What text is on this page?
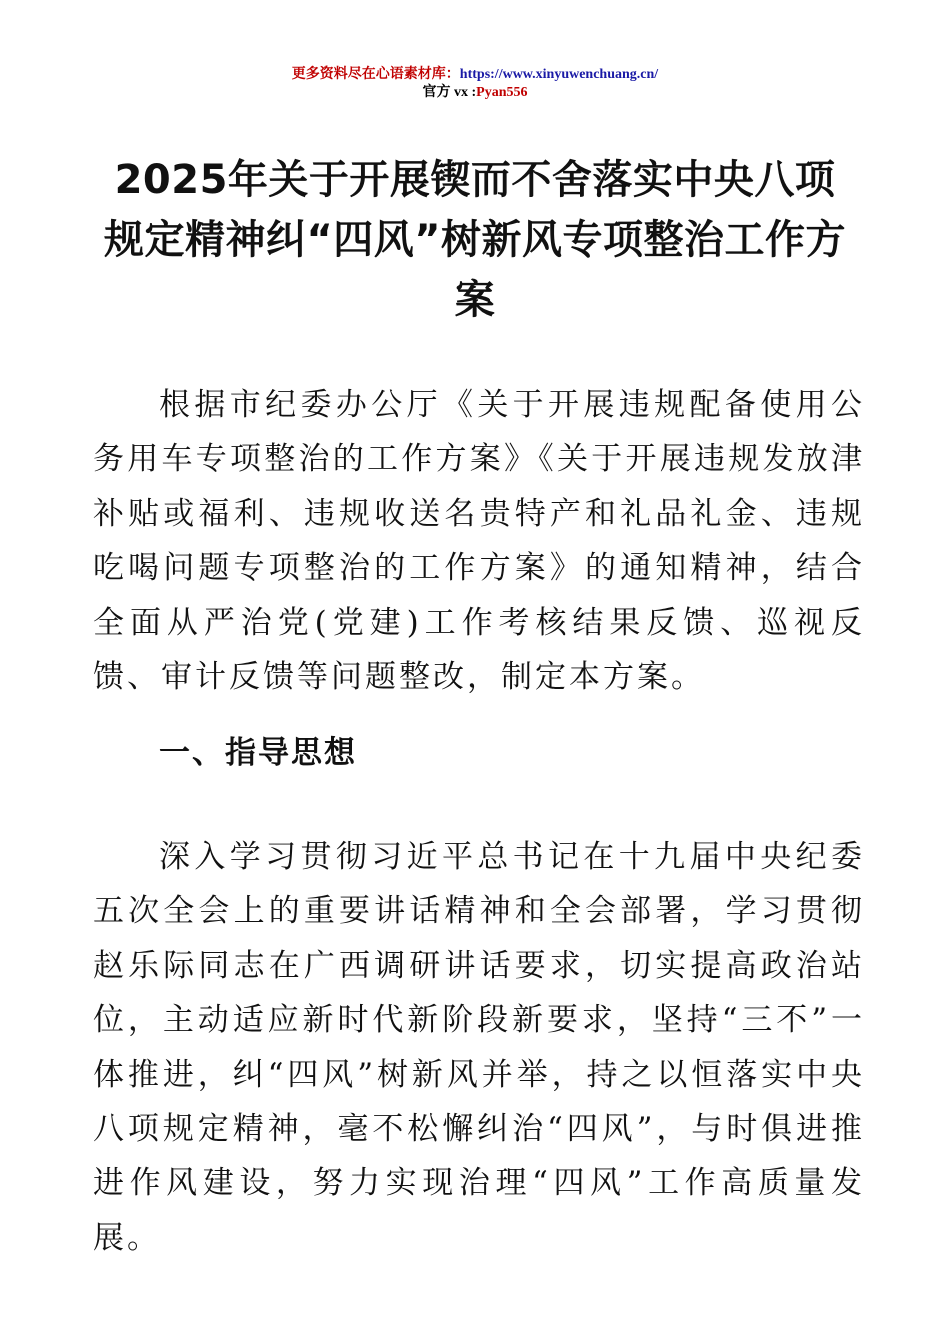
更多资料尽在心语素材库：https://www.xinyuwenchuang.cn/
官方 vx :Pyan556
2025年关于开展锲而不舍落实中央八项规定精神纠“四风”树新风专项整治工作方案

根据市纪委办公厅《关于开展违规配备使用公务用车专项整治的工作方案》《关于开展违规发放津补贴或福利、违规收送名贵特产和礼品礼金、违规吃喝问题专项整治的工作方案》的通知精神，结合全面从严治党(党建)工作考核结果反馈、巡视反馈、审计反馈等问题整改，制定本方案。

一、指导思想

深入学习贯彻习近平总书记在十九届中央纪委五次全会上的重要讲话精神和全会部署，学习贯彻赵乐际同志在广西调研讲话要求，切实提高政治站位，主动适应新时代新阶段新要求，坚持“三不”一体推进，纠“四风”树新风并举，持之以恒落实中央八项规定精神，毫不松懈纠治“四风”，与时俱进推进作风建设，努力实现治理“四风”工作高质量发展。
